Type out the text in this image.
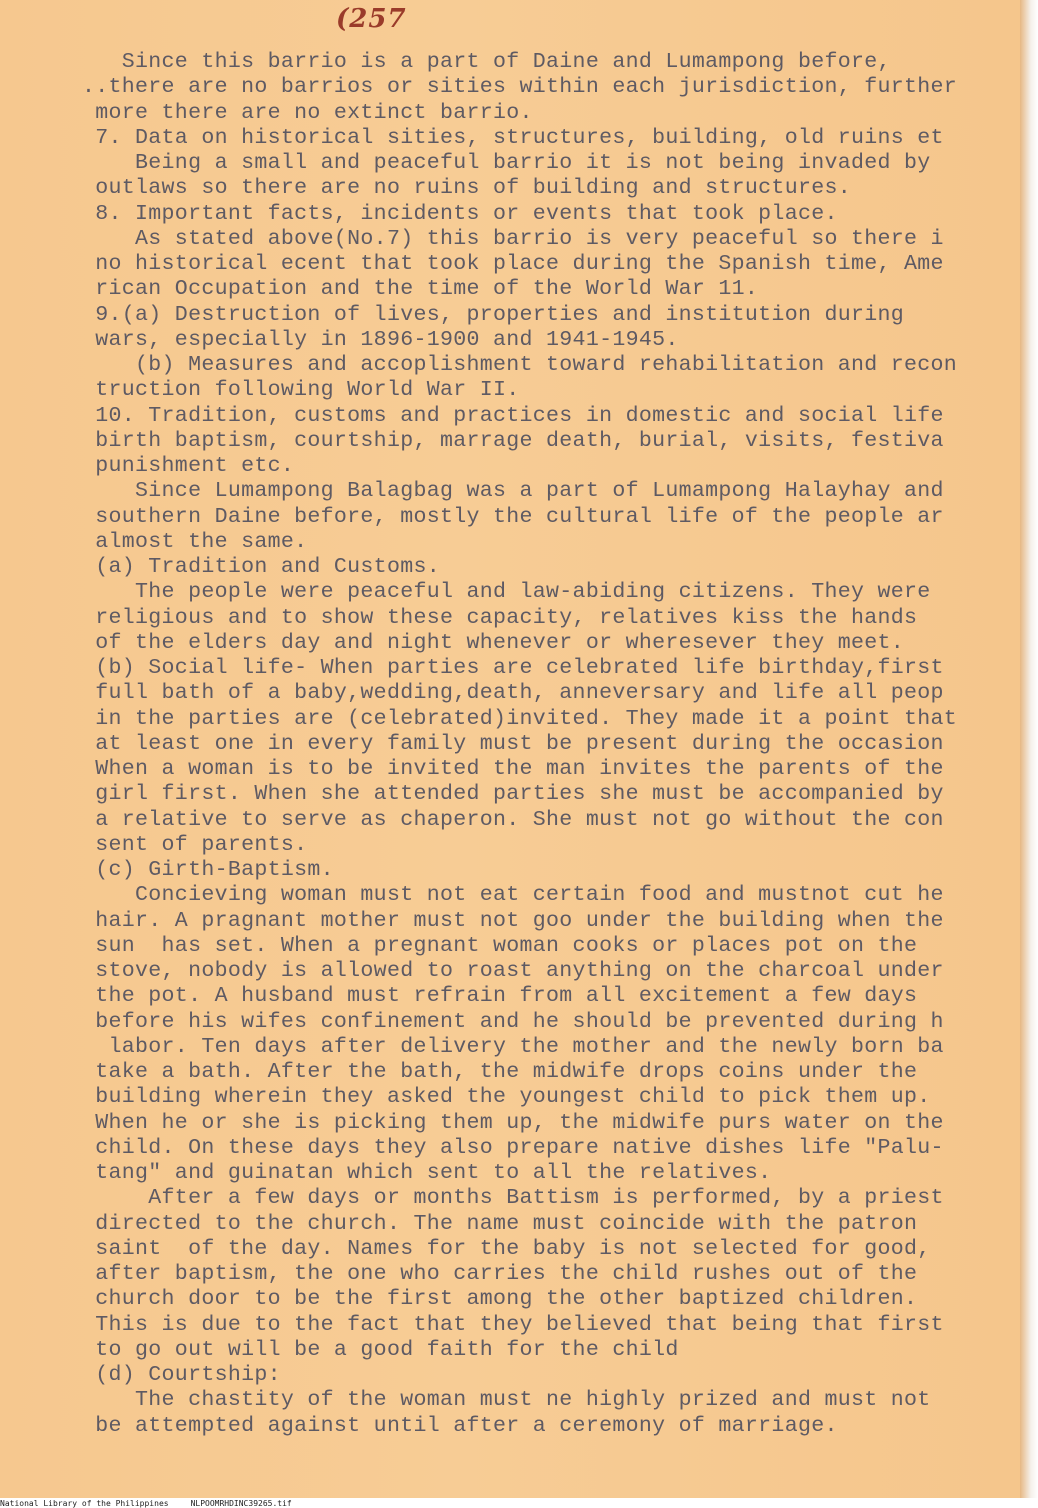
(257
Since this barrio is a part of Daine and Lumampong before,
..there are no barrios or sities within each jurisdiction, further
more there are no extinct barrio.
7. Data on historical sities, structures, building, old ruins et
Being a small and peaceful barrio it is not being invaded by
outlaws so there are no ruins of building and structures.
8. Important facts, incidents or events that took place.
As stated above(No.7) this barrio is very peaceful so there i
no historical ecent that took place during the Spanish time, Ame
rican Occupation and the time of the World War 11.
9.(a) Destruction of lives, properties and institution during
wars, especially in 1896-1900 and 1941-1945.
(b) Measures and accoplishment toward rehabilitation and recon
truction following World War II.
10. Tradition, customs and practices in domestic and social life
birth baptism, courtship, marrage death, burial, visits, festiva
punishment etc.
Since Lumampong Balagbag was a part of Lumampong Halayhay and
southern Daine before, mostly the cultural life of the people ar
almost the same.
(a) Tradition and Customs.
The people were peaceful and law-abiding citizens. They were
religious and to show these capacity, relatives kiss the hands
of the elders day and night whenever or wheresever they meet.
(b) Social life- When parties are celebrated life birthday,first
full bath of a baby,wedding,death, anneversary and life all peop
in the parties are (celebrated)invited. They made it a point that
at least one in every family must be present during the occasion
When a woman is to be invited the man invites the parents of the
girl first. When she attended parties she must be accompanied by
a relative to serve as chaperon. She must not go without the con
sent of parents.
(c) Girth-Baptism.
Concieving woman must not eat certain food and mustnot cut he
hair. A pragnant mother must not goo under the building when the
sun  has set. When a pregnant woman cooks or places pot on the
stove, nobody is allowed to roast anything on the charcoal under
the pot. A husband must refrain from all excitement a few days
before his wifes confinement and he should be prevented during h
labor. Ten days after delivery the mother and the newly born ba
take a bath. After the bath, the midwife drops coins under the
building wherein they asked the youngest child to pick them up.
When he or she is picking them up, the midwife purs water on the
child. On these days they also prepare native dishes life "Palu-
tang" and guinatan which sent to all the relatives.
After a few days or months Battism is performed, by a priest
directed to the church. The name must coincide with the patron
saint  of the day. Names for the baby is not selected for good,
after baptism, the one who carries the child rushes out of the
church door to be the first among the other baptized children.
This is due to the fact that they believed that being that first
to go out will be a good faith for the child
(d) Courtship:
The chastity of the woman must ne highly prized and must not
be attempted against until after a ceremony of marriage.
National Library of the Philippines	NLPOOMRHDINC39265.tif
